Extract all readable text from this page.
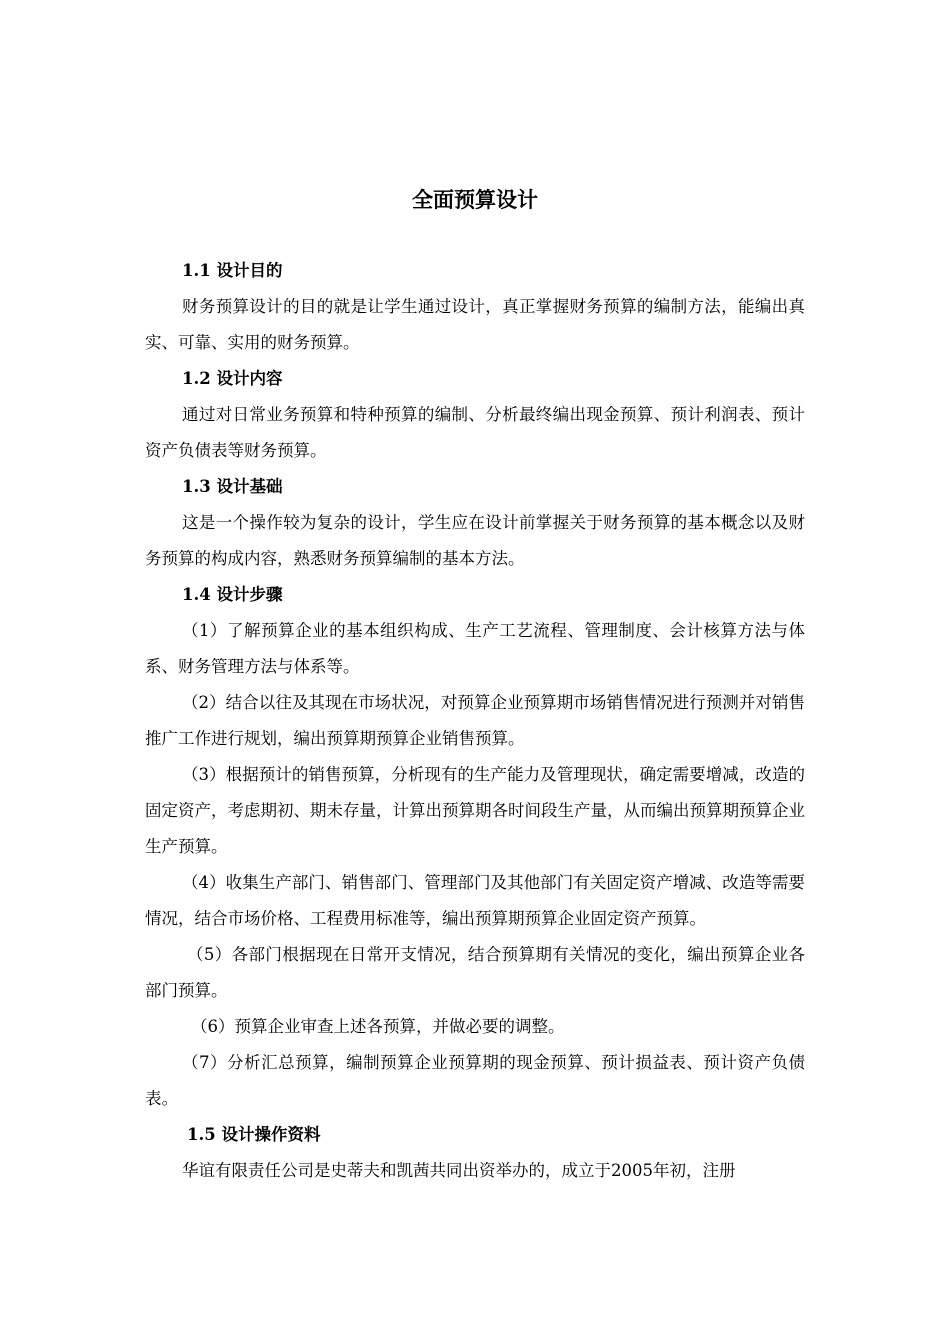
全面预算设计
1.1 设计目的
财务预算设计的目的就是让学生通过设计，真正掌握财务预算的编制方法，能编出真实、可靠、实用的财务预算。
1.2 设计内容
通过对日常业务预算和特种预算的编制、分析最终编出现金预算、预计利润表、预计资产负债表等财务预算。
1.3 设计基础
这是一个操作较为复杂的设计，学生应在设计前掌握关于财务预算的基本概念以及财务预算的构成内容，熟悉财务预算编制的基本方法。
1.4 设计步骤
（1）了解预算企业的基本组织构成、生产工艺流程、管理制度、会计核算方法与体系、财务管理方法与体系等。
（2）结合以往及其现在市场状况，对预算企业预算期市场销售情况进行预测并对销售推广工作进行规划，编出预算期预算企业销售预算。
（3）根据预计的销售预算，分析现有的生产能力及管理现状，确定需要增减，改造的固定资产，考虑期初、期未存量，计算出预算期各时间段生产量，从而编出预算期预算企业生产预算。
（4）收集生产部门、销售部门、管理部门及其他部门有关固定资产增减、改造等需要情况，结合市场价格、工程费用标准等，编出预算期预算企业固定资产预算。
（5）各部门根据现在日常开支情况，结合预算期有关情况的变化，编出预算企业各部门预算。
（6）预算企业审查上述各预算，并做必要的调整。
（7）分析汇总预算，编制预算企业预算期的现金预算、预计损益表、预计资产负债表。
1.5 设计操作资料
华谊有限责任公司是史蒂夫和凯茜共同出资举办的，成立于2005年初，注册
